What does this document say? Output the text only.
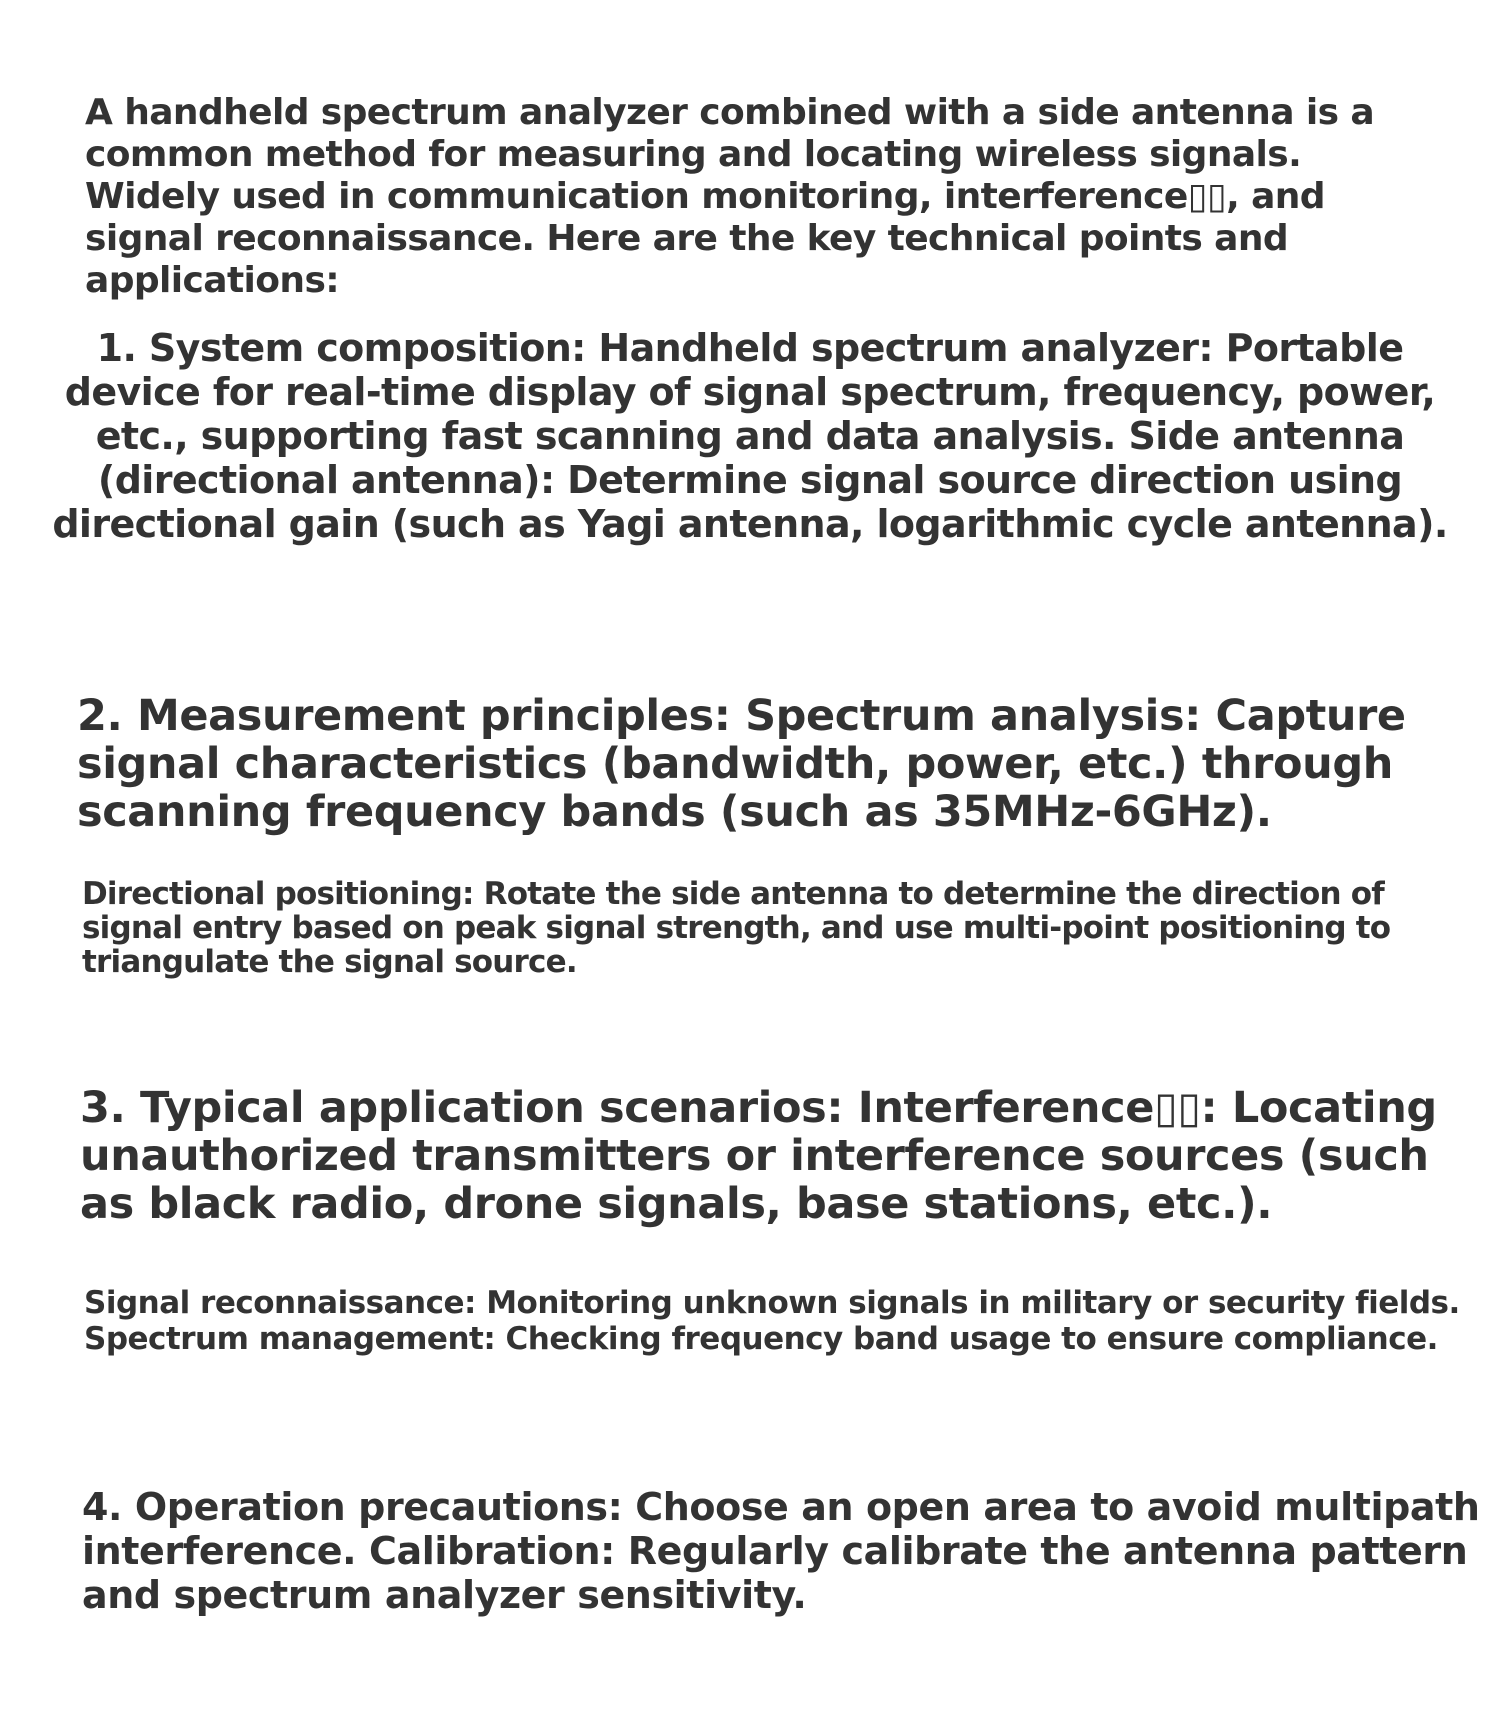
A handheld spectrum analyzer combined with a side antenna is a common method for measuring and locating wireless signals. Widely used in communication monitoring, interference▯▯, and signal reconnaissance. Here are the key technical points and applications:

1. System composition: Handheld spectrum analyzer: Portable device for real-time display of signal spectrum, frequency, power, etc., supporting fast scanning and data analysis. Side antenna (directional antenna): Determine signal source direction using directional gain (such as Yagi antenna, logarithmic cycle antenna).

2. Measurement principles: Spectrum analysis: Capture signal characteristics (bandwidth, power, etc.) through scanning frequency bands (such as 35MHz-6GHz).

Directional positioning: Rotate the side antenna to determine the direction of signal entry based on peak signal strength, and use multi-point positioning to triangulate the signal source.

3. Typical application scenarios: Interference▯▯: Locating unauthorized transmitters or interference sources (such as black radio, drone signals, base stations, etc.).

Signal reconnaissance: Monitoring unknown signals in military or security fields. Spectrum management: Checking frequency band usage to ensure compliance.

4. Operation precautions: Choose an open area to avoid multipath interference. Calibration: Regularly calibrate the antenna pattern and spectrum analyzer sensitivity.
